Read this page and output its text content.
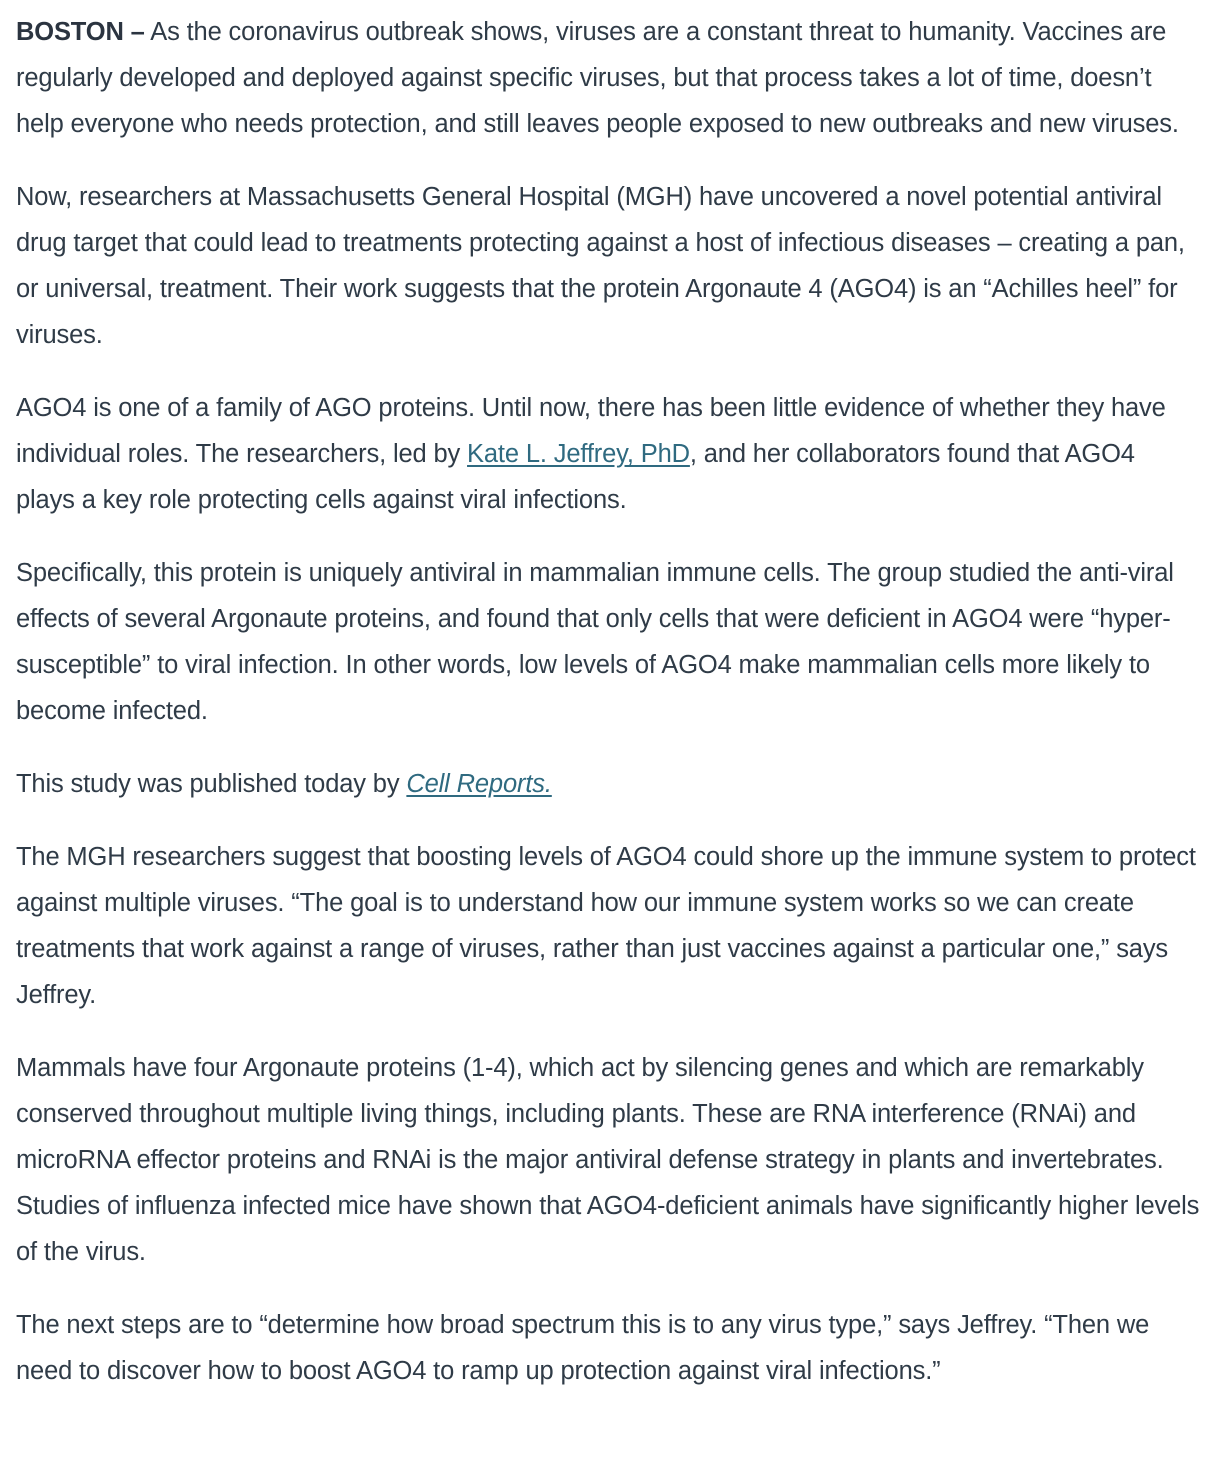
BOSTON – As the coronavirus outbreak shows, viruses are a constant threat to humanity. Vaccines are regularly developed and deployed against specific viruses, but that process takes a lot of time, doesn’t help everyone who needs protection, and still leaves people exposed to new outbreaks and new viruses.

Now, researchers at Massachusetts General Hospital (MGH) have uncovered a novel potential antiviral drug target that could lead to treatments protecting against a host of infectious diseases – creating a pan, or universal, treatment. Their work suggests that the protein Argonaute 4 (AGO4) is an “Achilles heel” for viruses.

AGO4 is one of a family of AGO proteins. Until now, there has been little evidence of whether they have individual roles. The researchers, led by Kate L. Jeffrey, PhD, and her collaborators found that AGO4 plays a key role protecting cells against viral infections.

Specifically, this protein is uniquely antiviral in mammalian immune cells. The group studied the anti-viral effects of several Argonaute proteins, and found that only cells that were deficient in AGO4 were “hyper-susceptible” to viral infection. In other words, low levels of AGO4 make mammalian cells more likely to become infected.

This study was published today by Cell Reports.

The MGH researchers suggest that boosting levels of AGO4 could shore up the immune system to protect against multiple viruses. “The goal is to understand how our immune system works so we can create treatments that work against a range of viruses, rather than just vaccines against a particular one,” says Jeffrey.

Mammals have four Argonaute proteins (1-4), which act by silencing genes and which are remarkably conserved throughout multiple living things, including plants. These are RNA interference (RNAi) and microRNA effector proteins and RNAi is the major antiviral defense strategy in plants and invertebrates. Studies of influenza infected mice have shown that AGO4-deficient animals have significantly higher levels of the virus.

The next steps are to “determine how broad spectrum this is to any virus type,” says Jeffrey. “Then we need to discover how to boost AGO4 to ramp up protection against viral infections.”
